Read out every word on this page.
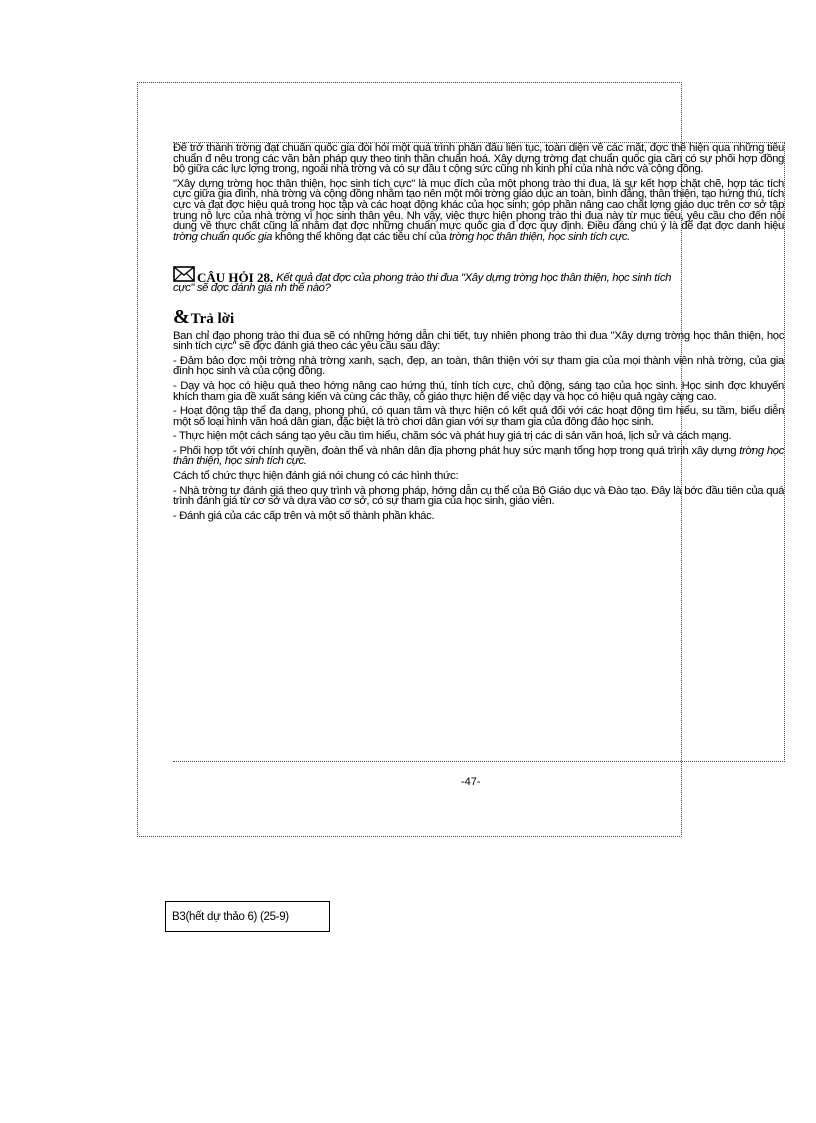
Để trở thành trờng đạt chuẩn quốc gia đòi hỏi một quá trình phấn đấu liên tục, toàn diện về các mặt, đợc thể hiện qua những tiêu chuẩn đ nêu trong các văn bản pháp quy theo tinh thần chuẩn hoá. Xây dựng trờng đạt chuẩn quốc gia cần có sự phối hợp đồng bộ giữa các lực lợng trong, ngoài nhà trờng và có sự đầu t cộng sức cũng nh kinh phí của nhà nớc và cộng đồng.

"Xây dựng trờng học thân thiện, học sinh tích cực" là mục đích của một phong trào thi đua, là sự kết hợp chặt chẽ, hợp tác tích cực giữa gia đình, nhà trờng và cộng đồng nhằm tạo nên một môi trờng giáo dục an toàn, bình đẳng, thân thiện, tạo hứng thú, tích cực và đạt đợc hiệu quả trong học tập và các hoạt động khác của học sinh; góp phần nâng cao chất lợng giáo dục trên cơ sở tập trung nỗ lực của nhà trờng vì học sinh thân yêu. Nh vậy, việc thực hiện phong trào thi đua này từ mục tiêu, yêu cầu cho đến nội dung về thực chất cũng là nhằm đạt đợc những chuẩn mực quốc gia đ đợc quy định. Điều đáng chú ý là để đạt đợc danh hiệu trờng chuẩn quốc gia không thể không đạt các tiêu chí của trờng học thân thiện, học sinh tích cực.

CÂU HỎI 28. Kết quả đạt đợc của phong trào thi đua "Xây dựng trờng học thân thiện, học sinh tích

cực" sẽ đợc đánh giá nh thế nào?

& Trả lời

Ban chỉ đạo phong trào thi đua sẽ có những hớng dẫn chi tiết, tuy nhiên phong trào thi đua "Xây dựng trờng học thân thiện, học sinh tích cực" sẽ đợc đánh giá theo các yêu cầu sau đây:

- Đảm bảo đợc môi trờng nhà trờng xanh, sạch, đẹp, an toàn, thân thiện với sự tham gia của mọi thành viên nhà trờng, của gia đình học sinh và của cộng đồng.

- Dạy và học có hiệu quả theo hớng nâng cao hứng thú, tính tích cực, chủ động, sáng tạo của học sinh. Học sinh đợc khuyến khích tham gia đề xuất sáng kiến và cùng các thầy, cô giáo thực hiện để việc dạy và học có hiệu quả ngày càng cao.

- Hoạt động tập thể đa dạng, phong phú, có quan tâm và thực hiện có kết quả đối với các hoạt động tìm hiểu, su tầm, biểu diễn một số loại hình văn hoá dân gian, đặc biệt là trò chơi dân gian với sự tham gia của đông đảo học sinh.

- Thực hiện một cách sáng tạo yêu cầu tìm hiểu, chăm sóc và phát huy giá trị các di sản văn hoá, lịch sử và cách mạng.

- Phối hợp tốt với chính quyền, đoàn thể và nhân dân địa phơng phát huy sức mạnh tổng hợp trong quá trình xây dựng trờng học thân thiện, học sinh tích cực.

Cách tổ chức thực hiện đánh giá nói chung có các hình thức:

- Nhà trờng tự đánh giá theo quy trình và phơng pháp, hớng dẫn cụ thể của Bộ Giáo dục và Đào tạo. Đây là bớc đầu tiên của quá trình đánh giá từ cơ sở và dựa vào cơ sở, có sự tham gia của học sinh, giáo viên.

- Đánh giá của các cấp trên và một số thành phần khác.

-47-
B3(hết dự thảo 6) (25-9)
